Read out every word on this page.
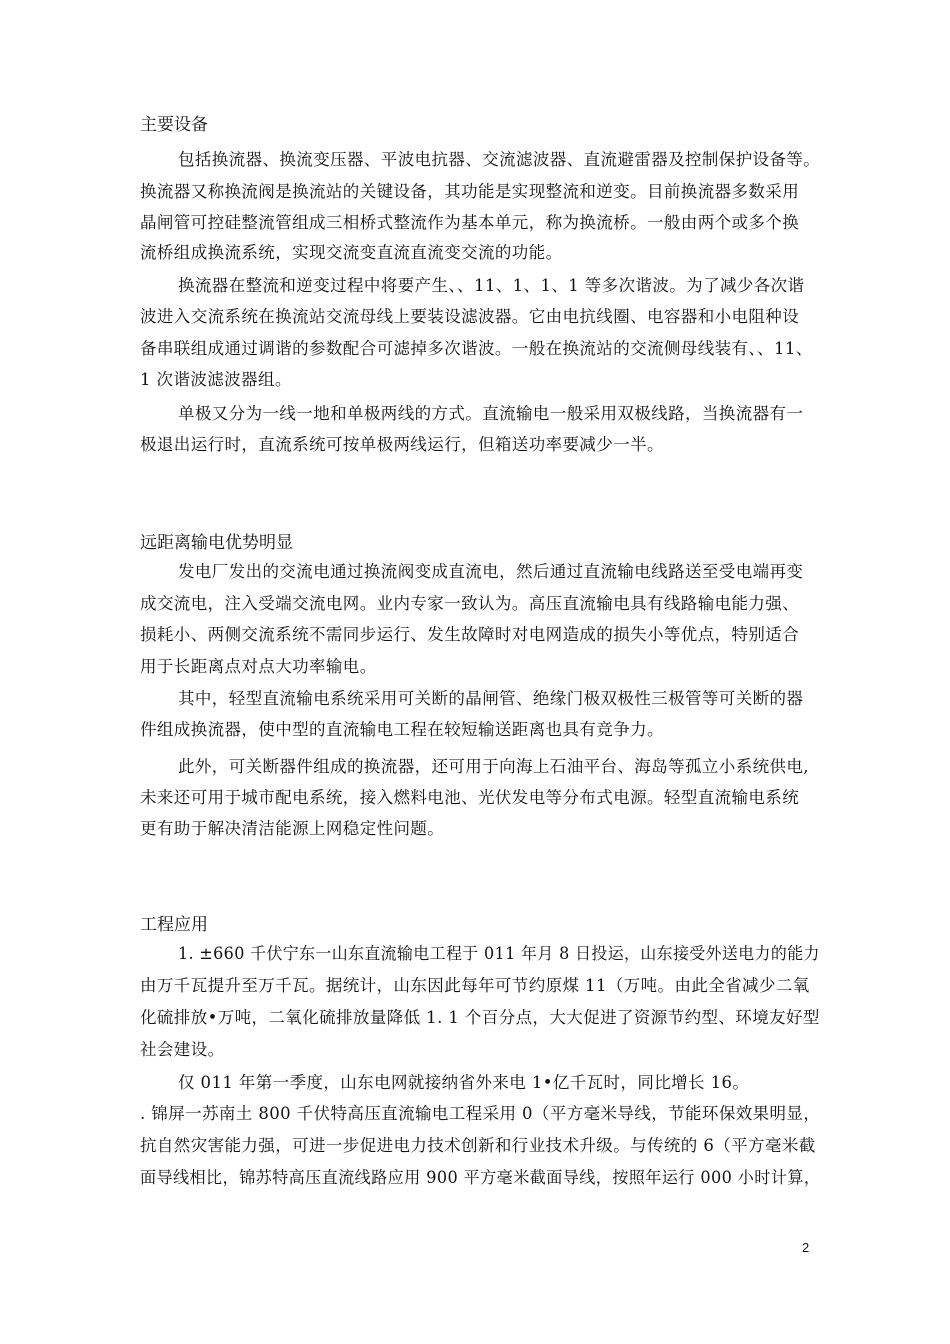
主要设备
包括换流器、换流变压器、平波电抗器、交流滤波器、直流避雷器及控制保护设备等。
换流器又称换流阀是换流站的关键设备，其功能是实现整流和逆变。目前换流器多数采用
晶闸管可控硅整流管组成三相桥式整流作为基本单元，称为换流桥。一般由两个或多个换
流桥组成换流系统，实现交流变直流直流变交流的功能。
换流器在整流和逆变过程中将要产生、、11、1、1、1 等多次谐波。为了减少各次谐
波进入交流系统在换流站交流母线上要装设滤波器。它由电抗线圈、电容器和小电阻种设
备串联组成通过调谐的参数配合可滤掉多次谐波。一般在换流站的交流侧母线装有、、11、
1 次谐波滤波器组。
单极又分为一线一地和单极两线的方式。直流输电一般采用双极线路，当换流器有一
极退出运行时，直流系统可按单极两线运行，但箱送功率要减少一半。
远距离输电优势明显
发电厂发出的交流电通过换流阀变成直流电，然后通过直流输电线路送至受电端再变
成交流电，注入受端交流电网。业内专家一致认为。高压直流输电具有线路输电能力强、
损耗小、两侧交流系统不需同步运行、发生故障时对电网造成的损失小等优点，特别适合
用于长距离点对点大功率输电。
其中，轻型直流输电系统采用可关断的晶闸管、绝缘门极双极性三极管等可关断的器
件组成换流器，使中型的直流输电工程在较短输送距离也具有竞争力。
此外，可关断器件组成的换流器，还可用于向海上石油平台、海岛等孤立小系统供电,
未来还可用于城市配电系统，接入燃料电池、光伏发电等分布式电源。轻型直流输电系统
更有助于解决清洁能源上网稳定性问题。
工程应用
1. ±660 千伏宁东一山东直流输电工程于 011 年月 8 日投运，山东接受外送电力的能力
由万千瓦提升至万千瓦。据统计，山东因此每年可节约原煤 11（万吨。由此全省减少二氧
化硫排放•万吨，二氧化硫排放量降低 1. 1 个百分点，大大促进了资源节约型、环境友好型
社会建设。
仅 011 年第一季度，山东电网就接纳省外来电 1•亿千瓦时，同比增长 16。
. 锦屏一苏南土 800 千伏特高压直流输电工程采用 0（平方毫米导线，节能环保效果明显，
抗自然灾害能力强，可进一步促进电力技术创新和行业技术升级。与传统的 6（平方毫米截
面导线相比，锦苏特高压直流线路应用 900 平方毫米截面导线，按照年运行 000 小时计算，
2
